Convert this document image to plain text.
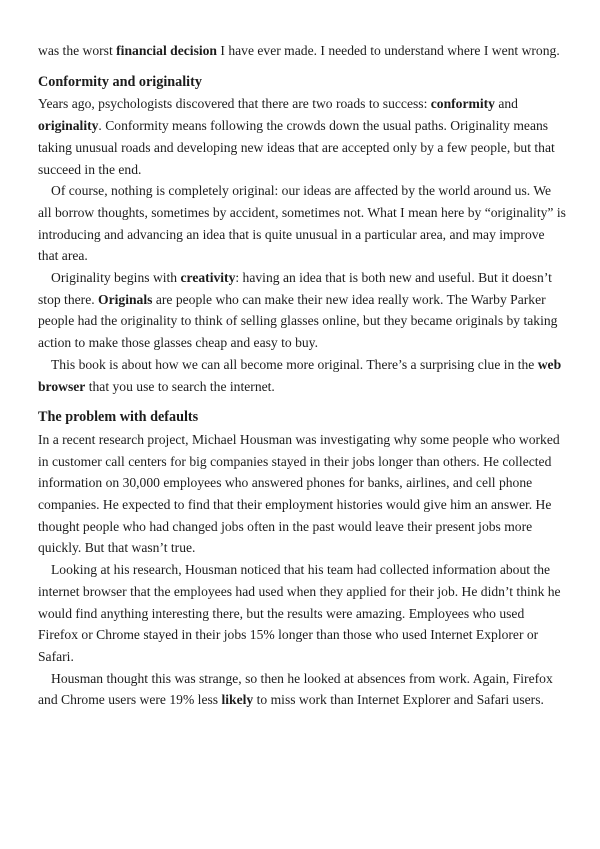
was the worst financial decision I have ever made. I needed to understand where I went wrong.

Conformity and originality

Years ago, psychologists discovered that there are two roads to success: conformity and originality. Conformity means following the crowds down the usual paths. Originality means taking unusual roads and developing new ideas that are accepted only by a few people, but that succeed in the end.

Of course, nothing is completely original: our ideas are affected by the world around us. We all borrow thoughts, sometimes by accident, sometimes not. What I mean here by “originality” is introducing and advancing an idea that is quite unusual in a particular area, and may improve that area.

Originality begins with creativity: having an idea that is both new and useful. But it doesn’t stop there. Originals are people who can make their new idea really work. The Warby Parker people had the originality to think of selling glasses online, but they became originals by taking action to make those glasses cheap and easy to buy.

This book is about how we can all become more original. There’s a surprising clue in the web browser that you use to search the internet.

The problem with defaults

In a recent research project, Michael Housman was investigating why some people who worked in customer call centers for big companies stayed in their jobs longer than others. He collected information on 30,000 employees who answered phones for banks, airlines, and cell phone companies. He expected to find that their employment histories would give him an answer. He thought people who had changed jobs often in the past would leave their present jobs more quickly. But that wasn’t true.

Looking at his research, Housman noticed that his team had collected information about the internet browser that the employees had used when they applied for their job. He didn’t think he would find anything interesting there, but the results were amazing. Employees who used Firefox or Chrome stayed in their jobs 15% longer than those who used Internet Explorer or Safari.

Housman thought this was strange, so then he looked at absences from work. Again, Firefox and Chrome users were 19% less likely to miss work than Internet Explorer and Safari users.
